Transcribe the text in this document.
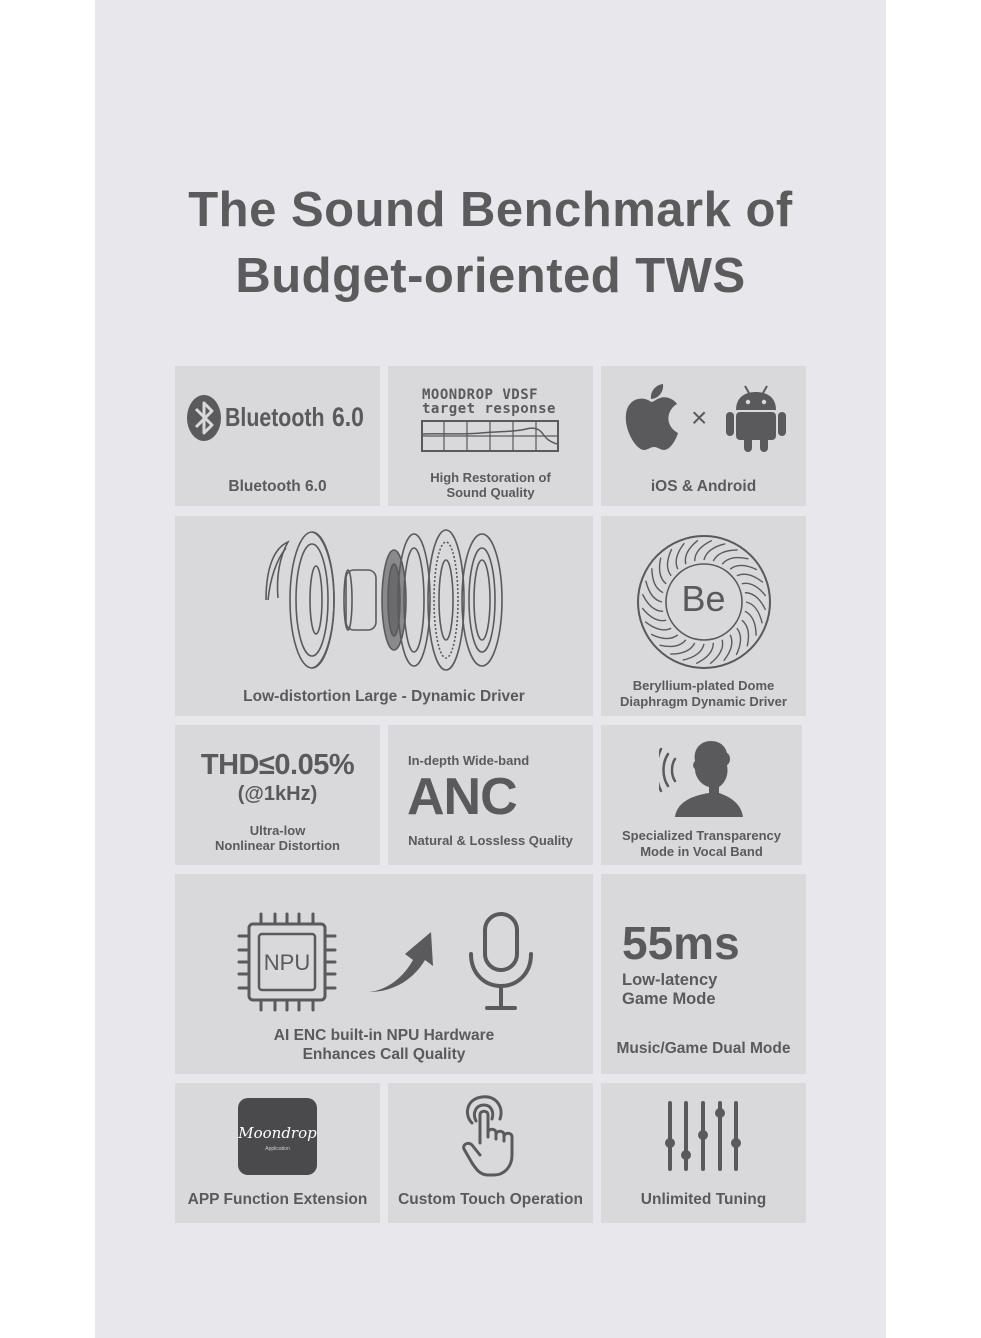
The Sound Benchmark of
Budget-oriented TWS
Bluetooth 6.0
Bluetooth 6.0
MOONDROP VDSF
target response
High Restoration of
Sound Quality
×
iOS & Android
Low-distortion Large - Dynamic Driver
Be
Beryllium-plated Dome
Diaphragm Dynamic Driver
THD≤0.05%
(@1kHz)
Ultra-low
Nonlinear Distortion
In-depth Wide-band
ANC
Natural & Lossless Quality	Specialized Transparency
Mode in Vocal Band
NPU
AI ENC built-in NPU Hardware
Enhances Call Quality
55ms
Low-latency
Game Mode
Music/Game Dual Mode
Moondrop
Application
APP Function Extension	Custom Touch Operation	Unlimited Tuning
